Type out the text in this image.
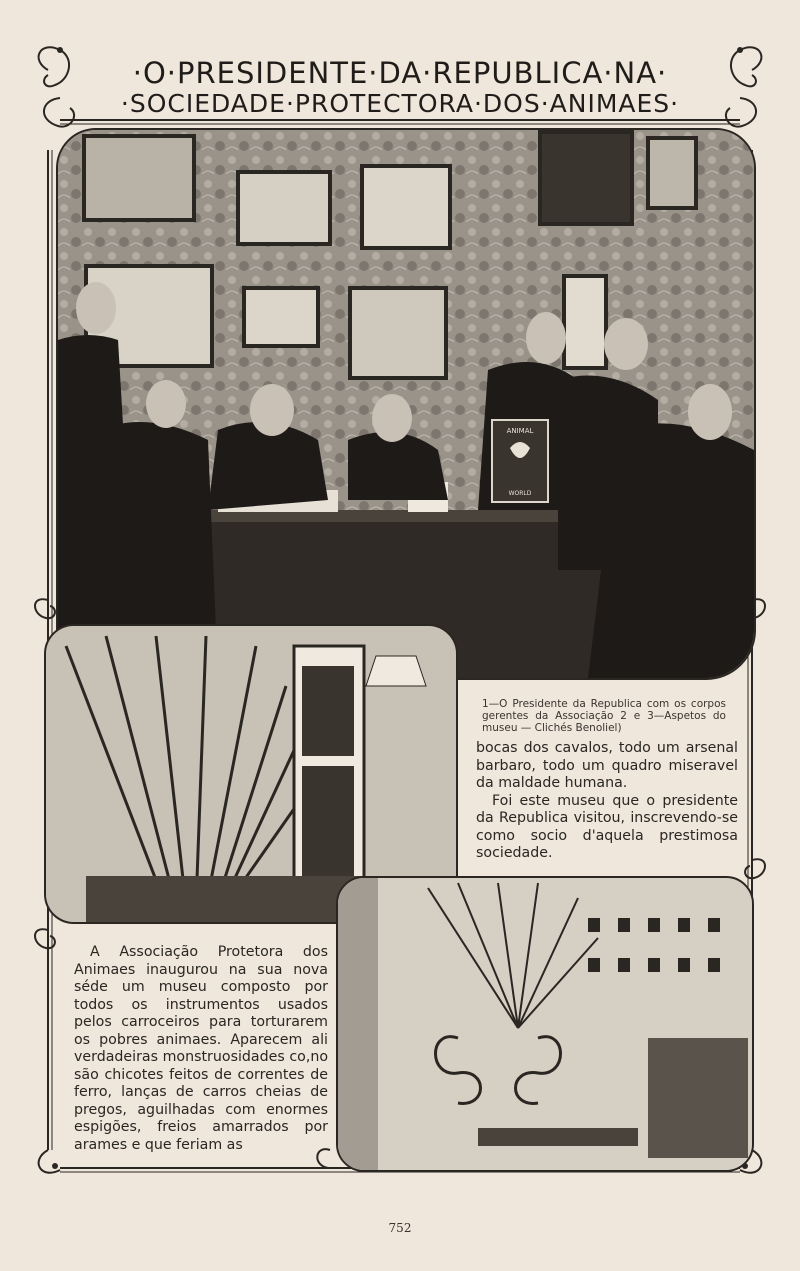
·O·PRESIDENTE·DA·REPUBLICA·NA·
·SOCIEDADE·PROTECTORA·DOS·ANIMAES·
ANIMAL
WORLD

1—O Presidente da Republica com os corpos gerentes da Associação 2 e 3—Aspetos do museu — Clichés Benoliel)

bocas dos cavalos, todo um arsenal barbaro, todo um quadro miseravel da maldade humana.

Foi este museu que o presidente da Republica visitou, inscrevendo-se como socio d'aquela prestimosa sociedade.

A Associação Protetora dos Animaes inaugurou na sua nova séde um museu composto por todos os instrumentos usados pelos carroceiros para torturarem os pobres animaes. Aparecem ali verdadeiras monstruosidades co,no são chicotes feitos de correntes de ferro, lanças de carros cheias de pregos, aguilhadas com enormes espigões, freios amarrados por arames e que feriam as

752
